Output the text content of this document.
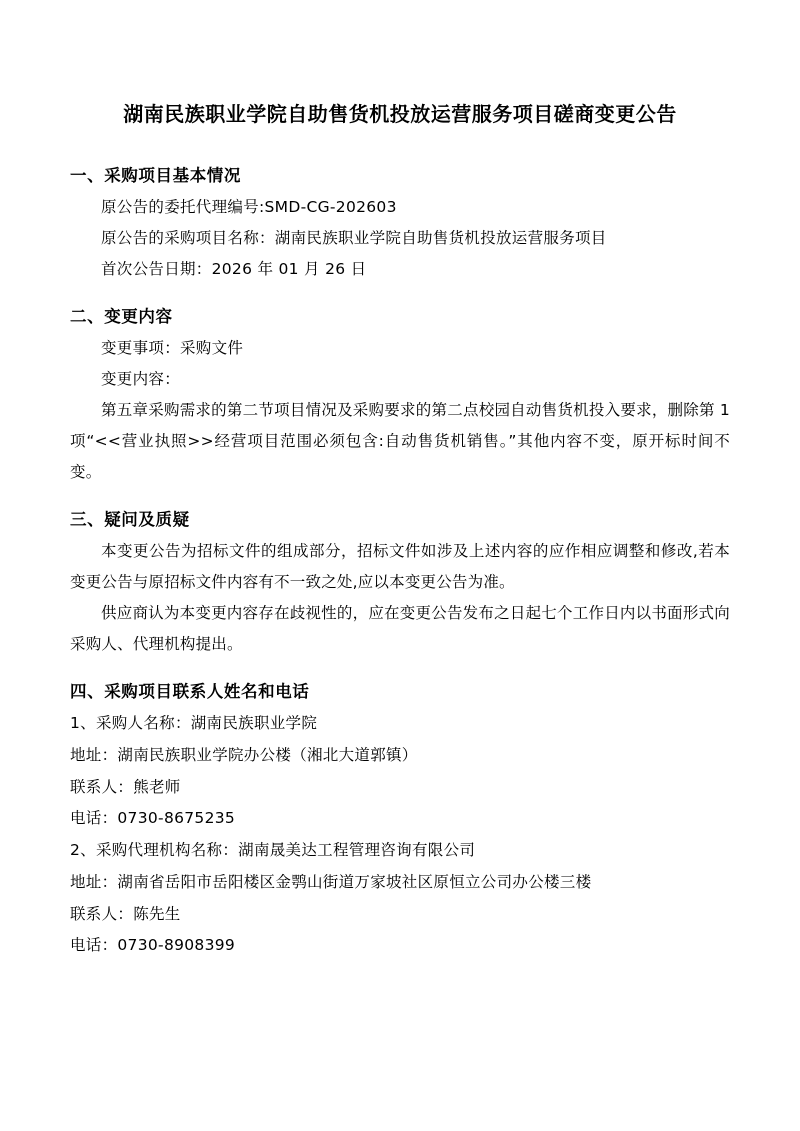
湖南民族职业学院自助售货机投放运营服务项目磋商变更公告
一、采购项目基本情况
原公告的委托代理编号:SMD-CG-202603
原公告的采购项目名称：湖南民族职业学院自助售货机投放运营服务项目
首次公告日期：2026 年 01 月 26 日
二、变更内容
变更事项：采购文件
变更内容：

第五章采购需求的第二节项目情况及采购要求的第二点校园自动售货机投入要求，删除第 1 项“<<营业执照>>经营项目范围必须包含:自动售货机销售。”其他内容不变，原开标时间不变。

三、疑问及质疑

本变更公告为招标文件的组成部分，招标文件如涉及上述内容的应作相应调整和修改,若本变更公告与原招标文件内容有不一致之处,应以本变更公告为准。

供应商认为本变更内容存在歧视性的，应在变更公告发布之日起七个工作日内以书面形式向采购人、代理机构提出。

四、采购项目联系人姓名和电话
1、采购人名称：湖南民族职业学院
地址：湖南民族职业学院办公楼（湘北大道郭镇）
联系人：熊老师
电话：0730-8675235
2、采购代理机构名称：湖南晟美达工程管理咨询有限公司
地址：湖南省岳阳市岳阳楼区金鹗山街道万家坡社区原恒立公司办公楼三楼
联系人：陈先生
电话：0730-8908399
